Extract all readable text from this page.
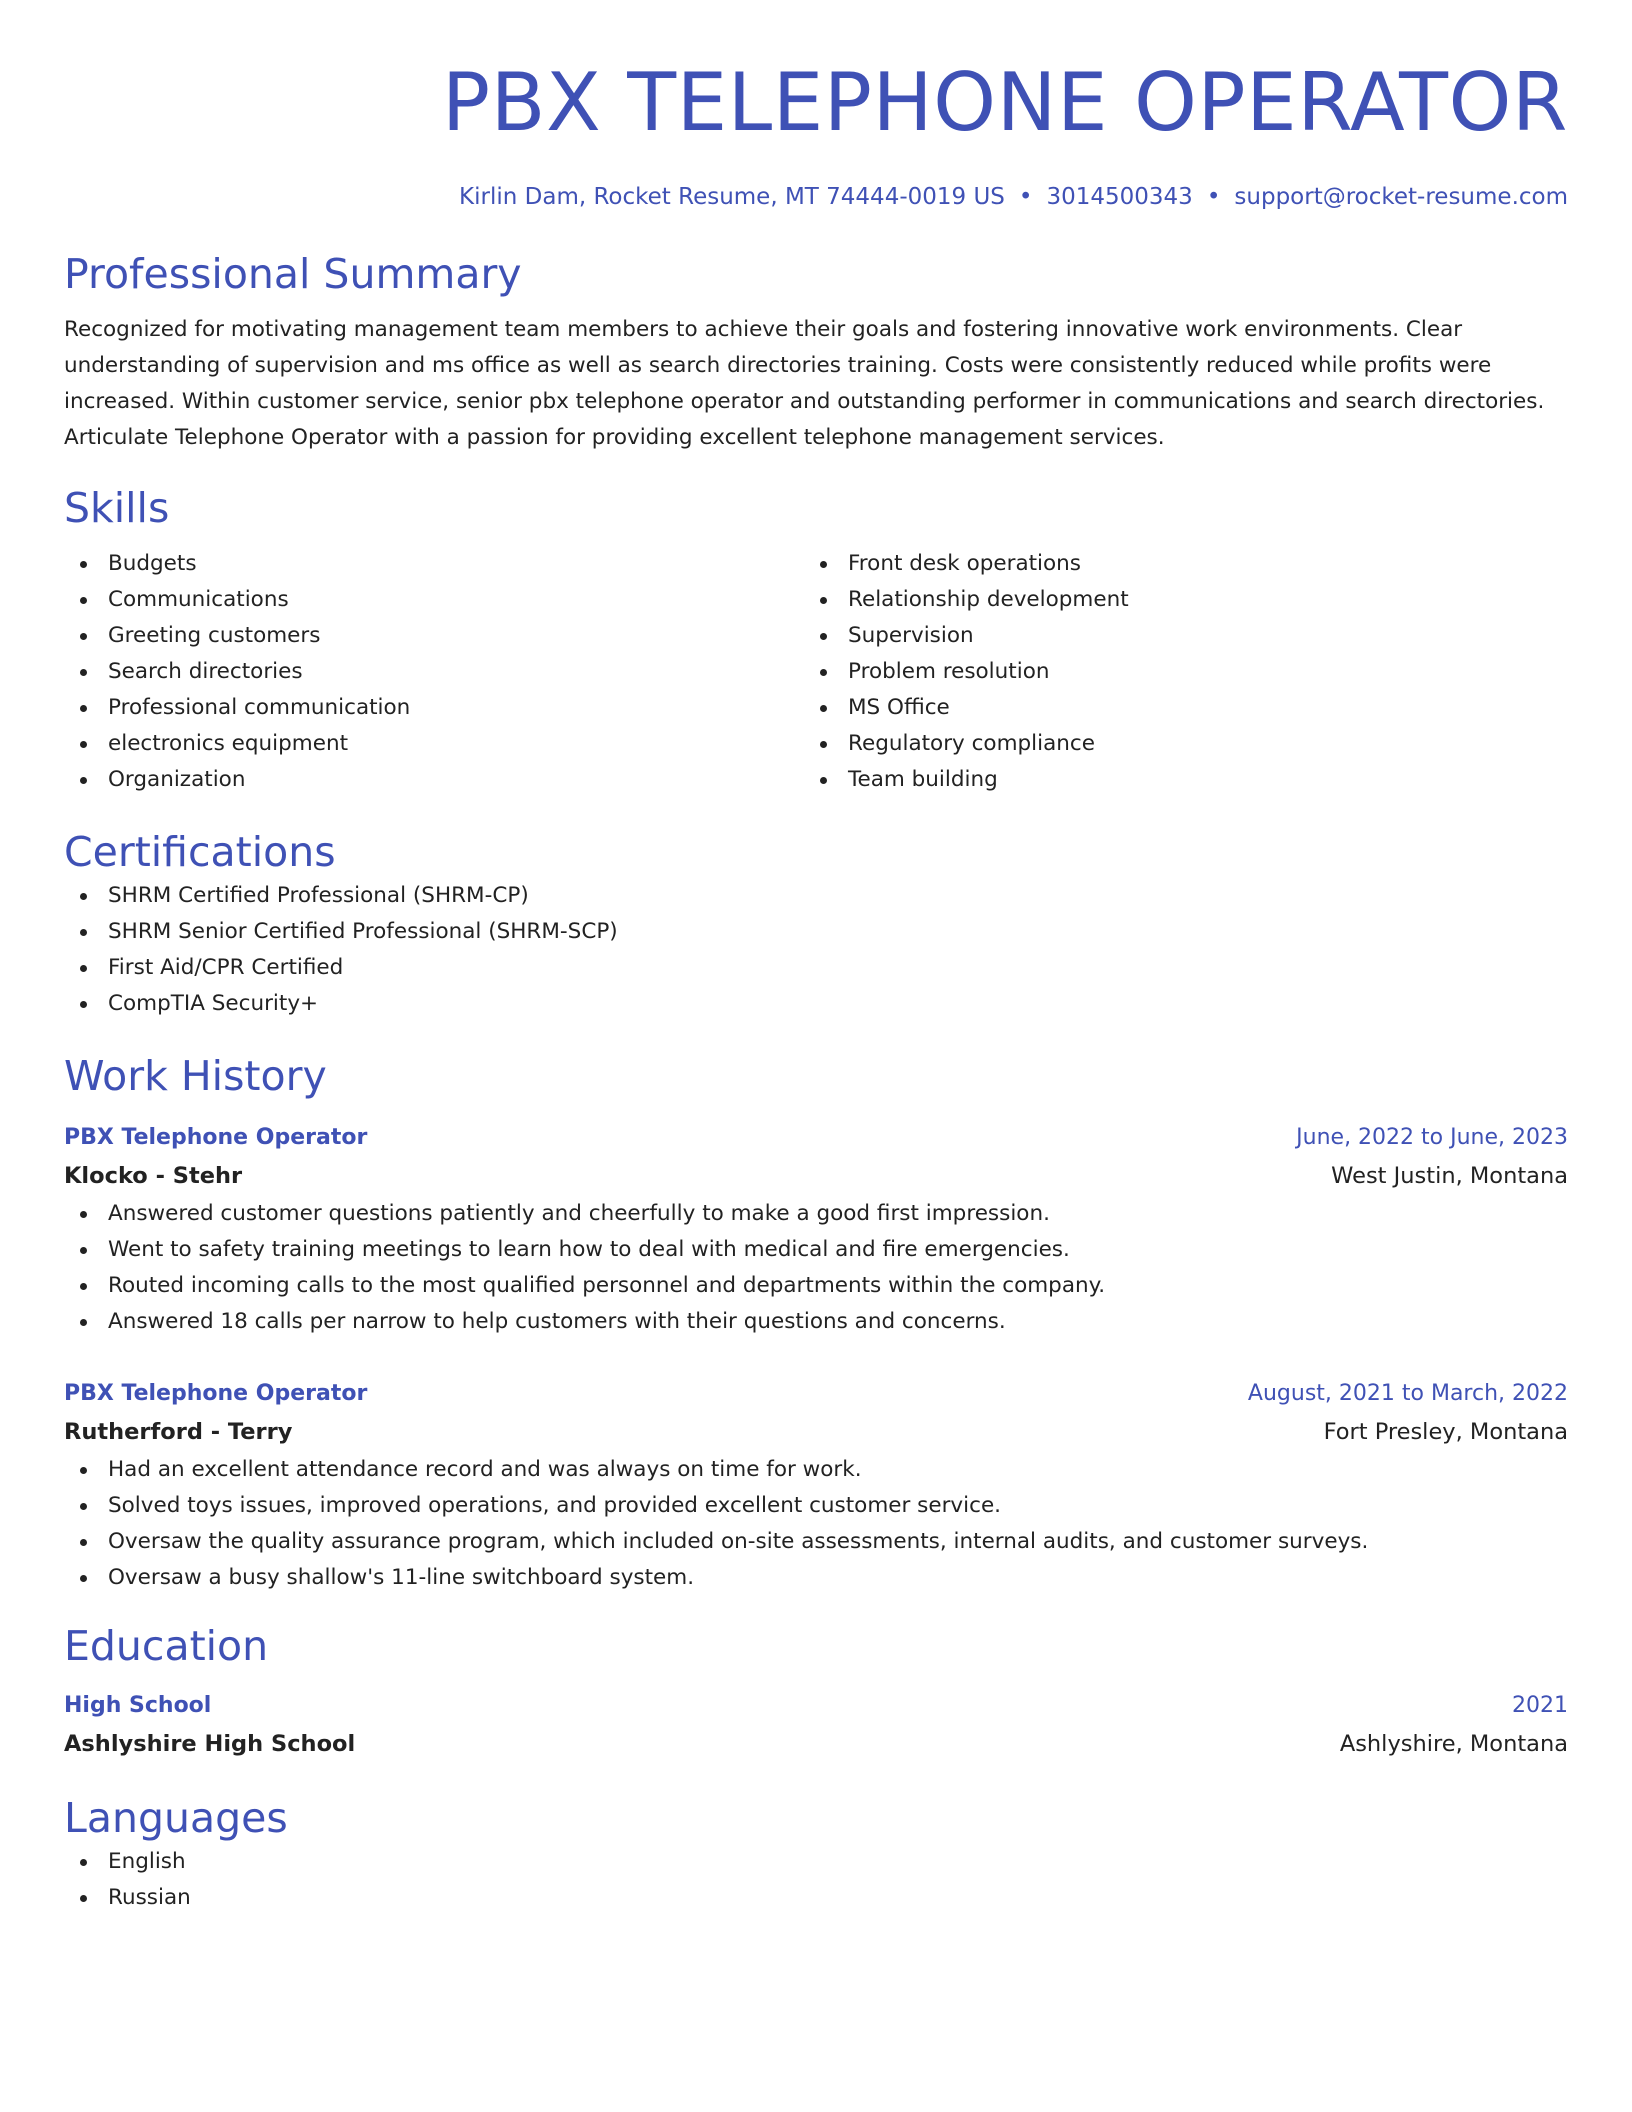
PBX TELEPHONE OPERATOR
Kirlin Dam, Rocket Resume, MT 74444-0019 US • 3014500343 • support@rocket-resume.com
Professional Summary
Recognized for motivating management team members to achieve their goals and fostering innovative work environments. Clear understanding of supervision and ms office as well as search directories training. Costs were consistently reduced while profits were increased. Within customer service, senior pbx telephone operator and outstanding performer in communications and search directories. Articulate Telephone Operator with a passion for providing excellent telephone management services.
Skills
Budgets
Communications
Greeting customers
Search directories
Professional communication
electronics equipment
Organization
Front desk operations
Relationship development
Supervision
Problem resolution
MS Office
Regulatory compliance
Team building
Certifications
SHRM Certified Professional (SHRM-CP)
SHRM Senior Certified Professional (SHRM-SCP)
First Aid/CPR Certified
CompTIA Security+
Work History
PBX Telephone Operator	June, 2022 to June, 2023
Klocko - Stehr	West Justin, Montana
Answered customer questions patiently and cheerfully to make a good first impression.
Went to safety training meetings to learn how to deal with medical and fire emergencies.
Routed incoming calls to the most qualified personnel and departments within the company.
Answered 18 calls per narrow to help customers with their questions and concerns.
PBX Telephone Operator	August, 2021 to March, 2022
Rutherford - Terry	Fort Presley, Montana
Had an excellent attendance record and was always on time for work.
Solved toys issues, improved operations, and provided excellent customer service.
Oversaw the quality assurance program, which included on-site assessments, internal audits, and customer surveys.
Oversaw a busy shallow's 11-line switchboard system.
Education
High School	2021
Ashlyshire High School	Ashlyshire, Montana
Languages
English
Russian
